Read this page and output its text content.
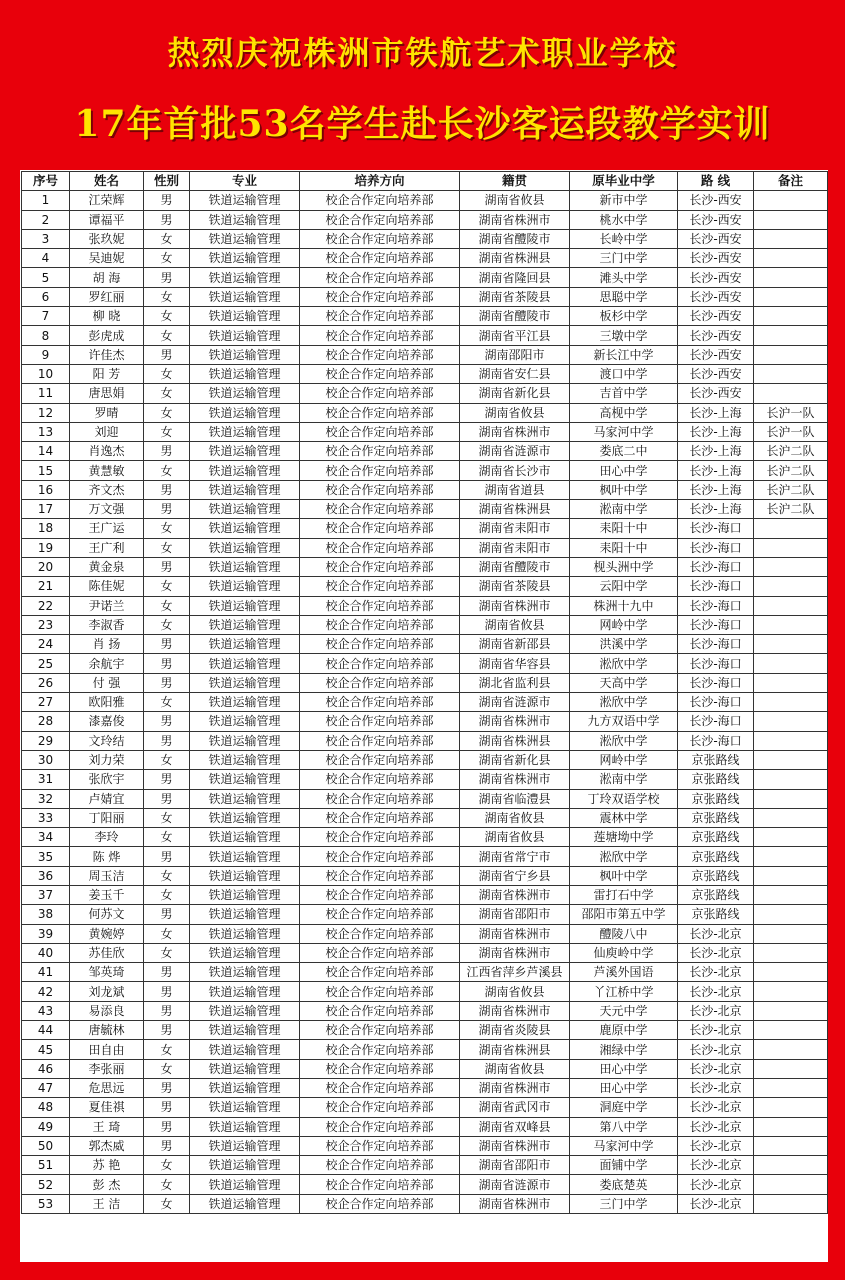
热烈庆祝株洲市铁航艺术职业学校
17年首批53名学生赴长沙客运段教学实训
序号	姓名	性别	专业	培养方向	籍贯	原毕业中学	路 线	备注
1	江荣辉	男	铁道运输管理	校企合作定向培养部	湖南省攸县	新市中学	长沙-西安	
2	谭福平	男	铁道运输管理	校企合作定向培养部	湖南省株洲市	桃水中学	长沙-西安	
3	张玖妮	女	铁道运输管理	校企合作定向培养部	湖南省醴陵市	长岭中学	长沙-西安	
4	吴迪妮	女	铁道运输管理	校企合作定向培养部	湖南省株洲县	三门中学	长沙-西安	
5	胡 海	男	铁道运输管理	校企合作定向培养部	湖南省隆回县	滩头中学	长沙-西安	
6	罗红丽	女	铁道运输管理	校企合作定向培养部	湖南省茶陵县	思聪中学	长沙-西安	
7	柳 晓	女	铁道运输管理	校企合作定向培养部	湖南省醴陵市	板杉中学	长沙-西安	
8	彭虎成	女	铁道运输管理	校企合作定向培养部	湖南省平江县	三墩中学	长沙-西安	
9	许佳杰	男	铁道运输管理	校企合作定向培养部	湖南邵阳市	新长江中学	长沙-西安	
10	阳 芳	女	铁道运输管理	校企合作定向培养部	湖南省安仁县	渡口中学	长沙-西安	
11	唐思娟	女	铁道运输管理	校企合作定向培养部	湖南省新化县	吉首中学	长沙-西安	
12	罗晴	女	铁道运输管理	校企合作定向培养部	湖南省攸县	高枧中学	长沙-上海	长沪一队
13	刘迎	女	铁道运输管理	校企合作定向培养部	湖南省株洲市	马家河中学	长沙-上海	长沪一队
14	肖逸杰	男	铁道运输管理	校企合作定向培养部	湖南省涟源市	娄底二中	长沙-上海	长沪二队
15	黄慧敏	女	铁道运输管理	校企合作定向培养部	湖南省长沙市	田心中学	长沙-上海	长沪二队
16	齐文杰	男	铁道运输管理	校企合作定向培养部	湖南省道县	枫叶中学	长沙-上海	长沪二队
17	万文强	男	铁道运输管理	校企合作定向培养部	湖南省株洲县	淞南中学	长沙-上海	长沪二队
18	王广运	女	铁道运输管理	校企合作定向培养部	湖南省耒阳市	耒阳十中	长沙-海口	
19	王广利	女	铁道运输管理	校企合作定向培养部	湖南省耒阳市	耒阳十中	长沙-海口	
20	黄金泉	男	铁道运输管理	校企合作定向培养部	湖南省醴陵市	枧头洲中学	长沙-海口	
21	陈佳妮	女	铁道运输管理	校企合作定向培养部	湖南省茶陵县	云阳中学	长沙-海口	
22	尹诺兰	女	铁道运输管理	校企合作定向培养部	湖南省株洲市	株洲十九中	长沙-海口	
23	李淑香	女	铁道运输管理	校企合作定向培养部	湖南省攸县	网岭中学	长沙-海口	
24	肖 扬	男	铁道运输管理	校企合作定向培养部	湖南省新邵县	洪溪中学	长沙-海口	
25	余航宇	男	铁道运输管理	校企合作定向培养部	湖南省华容县	淞欣中学	长沙-海口	
26	付 强	男	铁道运输管理	校企合作定向培养部	湖北省监利县	天高中学	长沙-海口	
27	欧阳雅	女	铁道运输管理	校企合作定向培养部	湖南省涟源市	淞欣中学	长沙-海口	
28	漆嘉俊	男	铁道运输管理	校企合作定向培养部	湖南省株洲市	九方双语中学	长沙-海口	
29	文玲结	男	铁道运输管理	校企合作定向培养部	湖南省株洲县	淞欣中学	长沙-海口	
30	刘力荣	女	铁道运输管理	校企合作定向培养部	湖南省新化县	网岭中学	京张路线	
31	张欣宇	男	铁道运输管理	校企合作定向培养部	湖南省株洲市	淞南中学	京张路线	
32	卢婧宜	男	铁道运输管理	校企合作定向培养部	湖南省临澧县	丁玲双语学校	京张路线	
33	丁阳丽	女	铁道运输管理	校企合作定向培养部	湖南省攸县	震林中学	京张路线	
34	李玲	女	铁道运输管理	校企合作定向培养部	湖南省攸县	莲塘坳中学	京张路线	
35	陈 烨	男	铁道运输管理	校企合作定向培养部	湖南省常宁市	淞欣中学	京张路线	
36	周玉洁	女	铁道运输管理	校企合作定向培养部	湖南省宁乡县	枫叶中学	京张路线	
37	姜玉千	女	铁道运输管理	校企合作定向培养部	湖南省株洲市	雷打石中学	京张路线	
38	何苏文	男	铁道运输管理	校企合作定向培养部	湖南省邵阳市	邵阳市第五中学	京张路线	
39	黄婉婷	女	铁道运输管理	校企合作定向培养部	湖南省株洲市	醴陵八中	长沙-北京	
40	苏佳欣	女	铁道运输管理	校企合作定向培养部	湖南省株洲市	仙庾岭中学	长沙-北京	
41	邹英琦	男	铁道运输管理	校企合作定向培养部	江西省萍乡芦溪县	芦溪外国语	长沙-北京	
42	刘龙斌	男	铁道运输管理	校企合作定向培养部	湖南省攸县	丫江桥中学	长沙-北京	
43	易添良	男	铁道运输管理	校企合作定向培养部	湖南省株洲市	天元中学	长沙-北京	
44	唐毓林	男	铁道运输管理	校企合作定向培养部	湖南省炎陵县	鹿原中学	长沙-北京	
45	田自由	女	铁道运输管理	校企合作定向培养部	湖南省株洲县	湘绿中学	长沙-北京	
46	李张丽	女	铁道运输管理	校企合作定向培养部	湖南省攸县	田心中学	长沙-北京	
47	危思远	男	铁道运输管理	校企合作定向培养部	湖南省株洲市	田心中学	长沙-北京	
48	夏佳祺	男	铁道运输管理	校企合作定向培养部	湖南省武冈市	洞庭中学	长沙-北京	
49	王 琦	男	铁道运输管理	校企合作定向培养部	湖南省双峰县	第八中学	长沙-北京	
50	郭杰威	男	铁道运输管理	校企合作定向培养部	湖南省株洲市	马家河中学	长沙-北京	
51	苏 艳	女	铁道运输管理	校企合作定向培养部	湖南省邵阳市	面铺中学	长沙-北京	
52	彭 杰	女	铁道运输管理	校企合作定向培养部	湖南省涟源市	娄底楚英	长沙-北京	
53	王 洁	女	铁道运输管理	校企合作定向培养部	湖南省株洲市	三门中学	长沙-北京	
